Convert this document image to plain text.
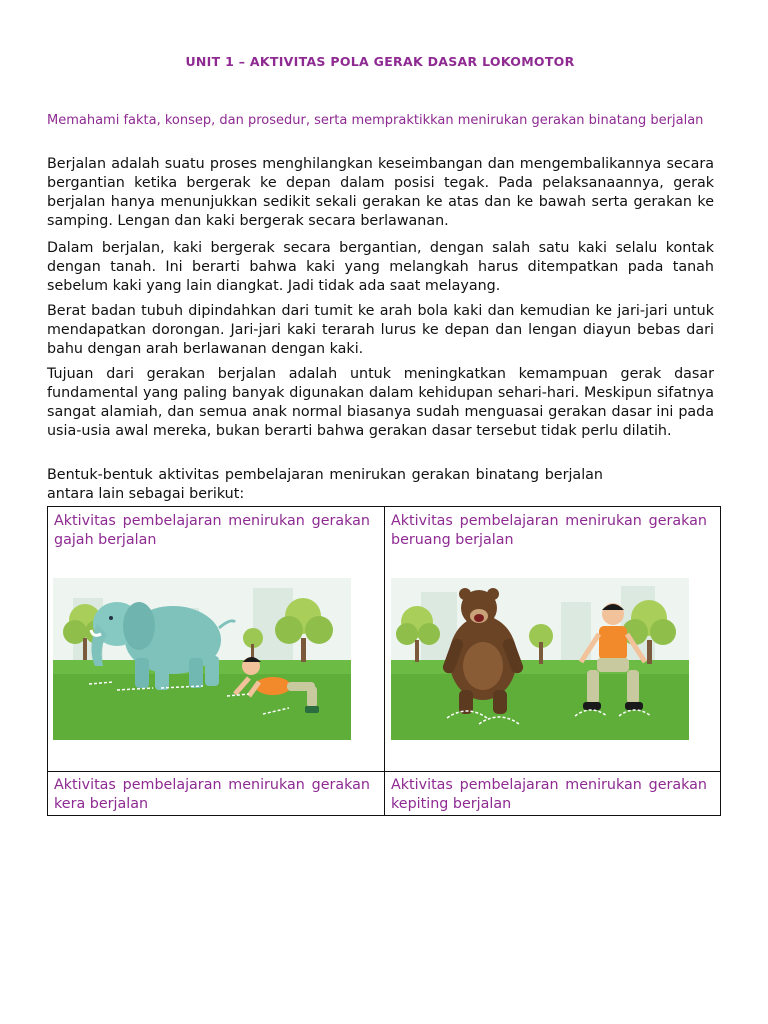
UNIT 1 – AKTIVITAS POLA GERAK DASAR LOKOMOTOR
Memahami fakta, konsep, dan prosedur, serta mempraktikkan menirukan gerakan binatang berjalan
Berjalan adalah suatu proses menghilangkan keseimbangan dan mengembalikannya secara bergantian ketika bergerak ke depan dalam posisi tegak. Pada pelaksanaannya, gerak berjalan hanya menunjukkan sedikit sekali gerakan ke atas dan ke bawah serta gerakan ke samping. Lengan dan kaki bergerak secara berlawanan.
Dalam berjalan, kaki bergerak secara bergantian, dengan salah satu kaki selalu kontak dengan tanah. Ini berarti bahwa kaki yang melangkah harus ditempatkan pada tanah sebelum kaki yang lain diangkat. Jadi tidak ada saat melayang.
Berat badan tubuh dipindahkan dari tumit ke arah bola kaki dan kemudian ke jari-jari untuk mendapatkan dorongan. Jari-jari kaki terarah lurus ke depan dan lengan diayun bebas dari bahu dengan arah berlawanan dengan kaki.
Tujuan dari gerakan berjalan adalah untuk meningkatkan kemampuan gerak dasar fundamental yang paling banyak digunakan dalam kehidupan sehari-hari. Meskipun sifatnya sangat alamiah, dan semua anak normal biasanya sudah menguasai gerakan dasar ini pada usia-usia awal mereka, bukan berarti bahwa gerakan dasar tersebut tidak perlu dilatih.
Bentuk-bentuk aktivitas pembelajaran menirukan gerakan binatang berjalan antara lain sebagai berikut:
Aktivitas pembelajaran menirukan gerakan gajah berjalan
Aktivitas pembelajaran menirukan gerakan beruang berjalan
Aktivitas pembelajaran menirukan gerakan kera berjalan
Aktivitas pembelajaran menirukan gerakan kepiting berjalan
